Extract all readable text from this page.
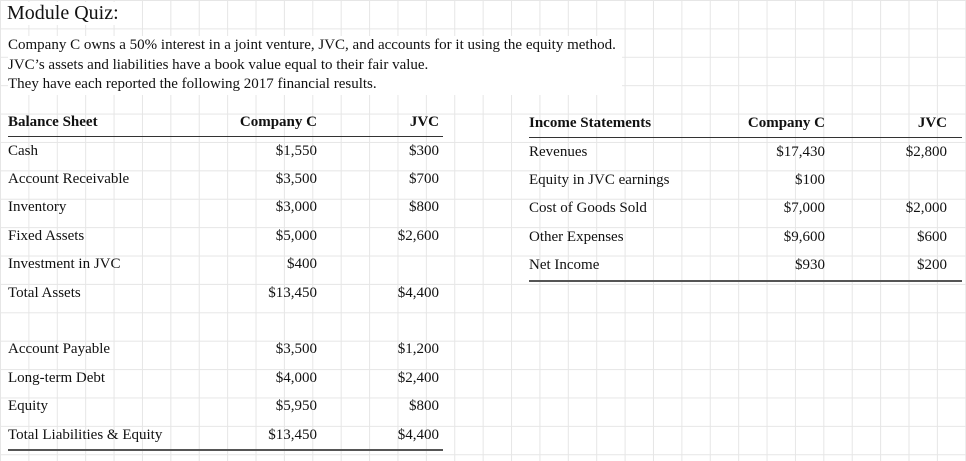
Module Quiz:
Company C owns a 50% interest in a joint venture, JVC, and accounts for it using the equity method.
JVC’s assets and liabilities have a book value equal to their fair value.
They have each reported the following 2017 financial results.
Balance Sheet	Company C	JVC
Cash	$1,550	$300
Account Receivable	$3,500	$700
Inventory	$3,000	$800
Fixed Assets	$5,000	$2,600
Investment in JVC	$400	
Total Assets	$13,450	$4,400

Account Payable	$3,500	$1,200
Long-term Debt	$4,000	$2,400
Equity	$5,950	$800
Total Liabilities & Equity	$13,450	$4,400
Income Statements	Company C	JVC
Revenues	$17,430	$2,800
Equity in JVC earnings	$100	
Cost of Goods Sold	$7,000	$2,000
Other Expenses	$9,600	$600
Net Income	$930	$200
